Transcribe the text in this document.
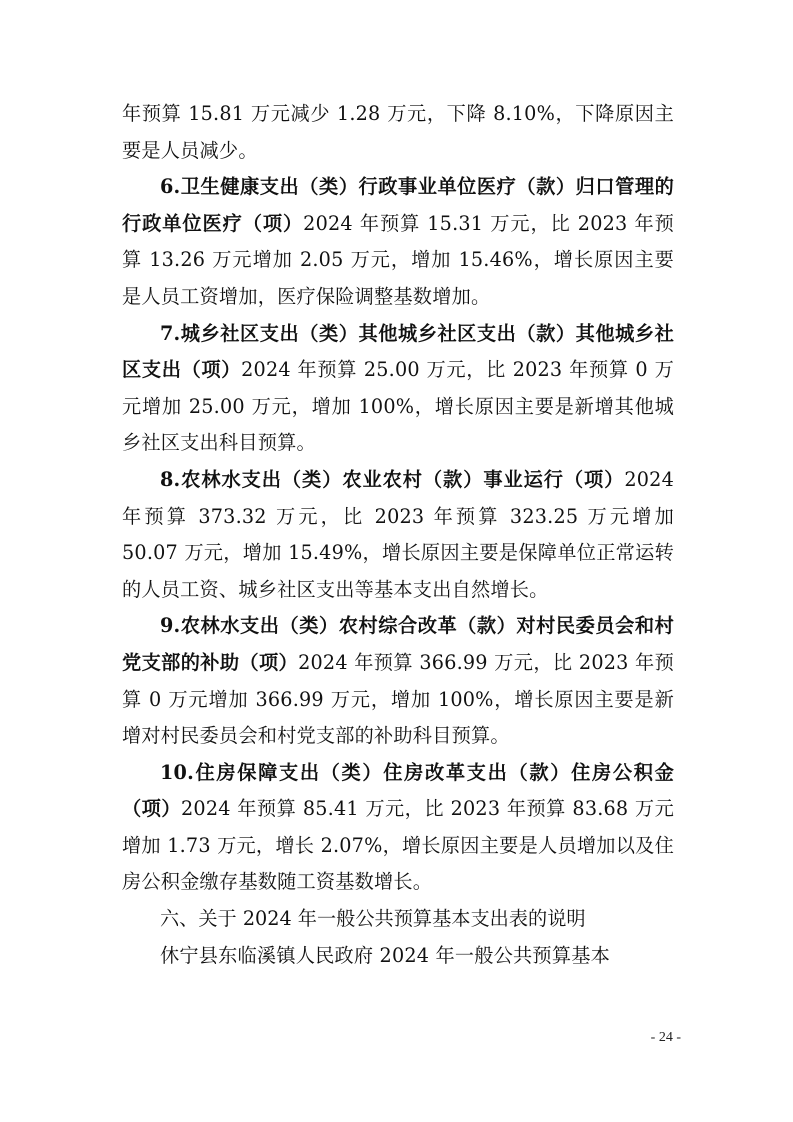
年预算 15.81 万元减少 1.28 万元，下降 8.10%，下降原因主要是人员减少。

6.卫生健康支出（类）行政事业单位医疗（款）归口管理的行政单位医疗（项）2024 年预算 15.31 万元，比 2023 年预算 13.26 万元增加 2.05 万元，增加 15.46%，增长原因主要是人员工资增加，医疗保险调整基数增加。

7.城乡社区支出（类）其他城乡社区支出（款）其他城乡社区支出（项）2024 年预算 25.00 万元，比 2023 年预算 0 万元增加 25.00 万元，增加 100%，增长原因主要是新增其他城乡社区支出科目预算。

8.农林水支出（类）农业农村（款）事业运行（项）2024 年预算 373.32 万元，比 2023 年预算 323.25 万元增加 50.07 万元，增加 15.49%，增长原因主要是保障单位正常运转的人员工资、城乡社区支出等基本支出自然增长。

9.农林水支出（类）农村综合改革（款）对村民委员会和村党支部的补助（项）2024 年预算 366.99 万元，比 2023 年预算 0 万元增加 366.99 万元，增加 100%，增长原因主要是新增对村民委员会和村党支部的补助科目预算。

10.住房保障支出（类）住房改革支出（款）住房公积金（项）2024 年预算 85.41 万元，比 2023 年预算 83.68 万元增加 1.73 万元，增长 2.07%，增长原因主要是人员增加以及住房公积金缴存基数随工资基数增长。

六、关于 2024 年一般公共预算基本支出表的说明

休宁县东临溪镇人民政府 2024 年一般公共预算基本

- 24 -
